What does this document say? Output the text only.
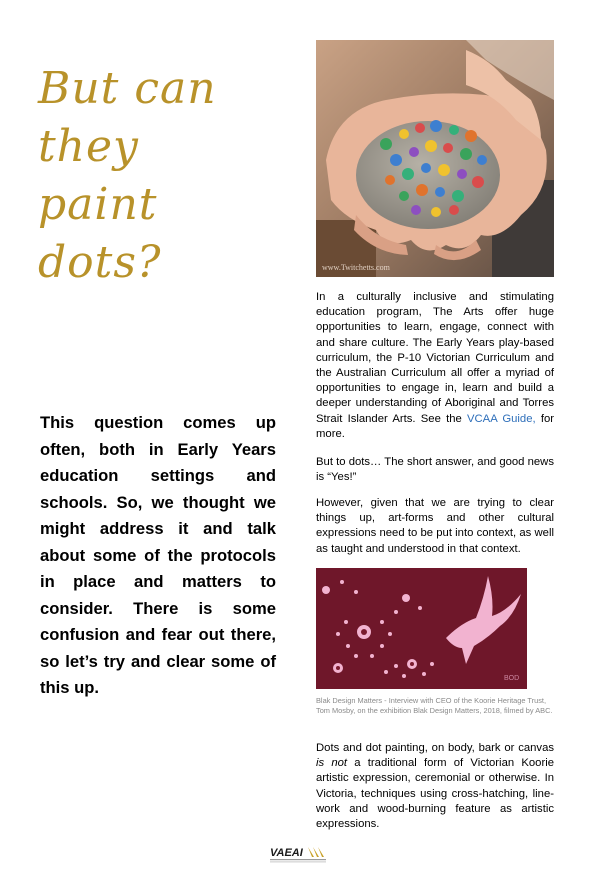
But can
they
paint
dots?
This question comes up often, both in Early Years education settings and schools. So, we thought we might address it and talk about some of the protocols in place and matters to consider. There is some confusion and fear out there, so let’s try and clear some of this up.
www.Twitchetts.com
In a culturally inclusive and stimulating education program, The Arts offer huge opportunities to learn, engage, connect with and share culture. The Early Years play-based curriculum, the P-10 Victorian Curriculum and the Australian Curriculum all offer a myriad of opportunities to engage in, learn and build a deeper understanding of Aboriginal and Torres Strait Islander Arts. See the VCAA Guide, for more.
But to dots… The short answer, and good news is “Yes!”
However, given that we are trying to clear things up, art-forms and other cultural expressions need to be put into context, as well as taught and understood in that context.
BOD
Blak Design Matters - Interview with CEO of the Koorie Heritage Trust, Tom Mosby, on the exhibition Blak Design Matters, 2018, filmed by ABC.
Dots and dot painting, on body, bark or canvas is not a traditional form of Victorian Koorie artistic expression, ceremonial or otherwise. In Victoria, techniques using cross-hatching, line-work and wood-burning feature as artistic expressions.
VAEAI
